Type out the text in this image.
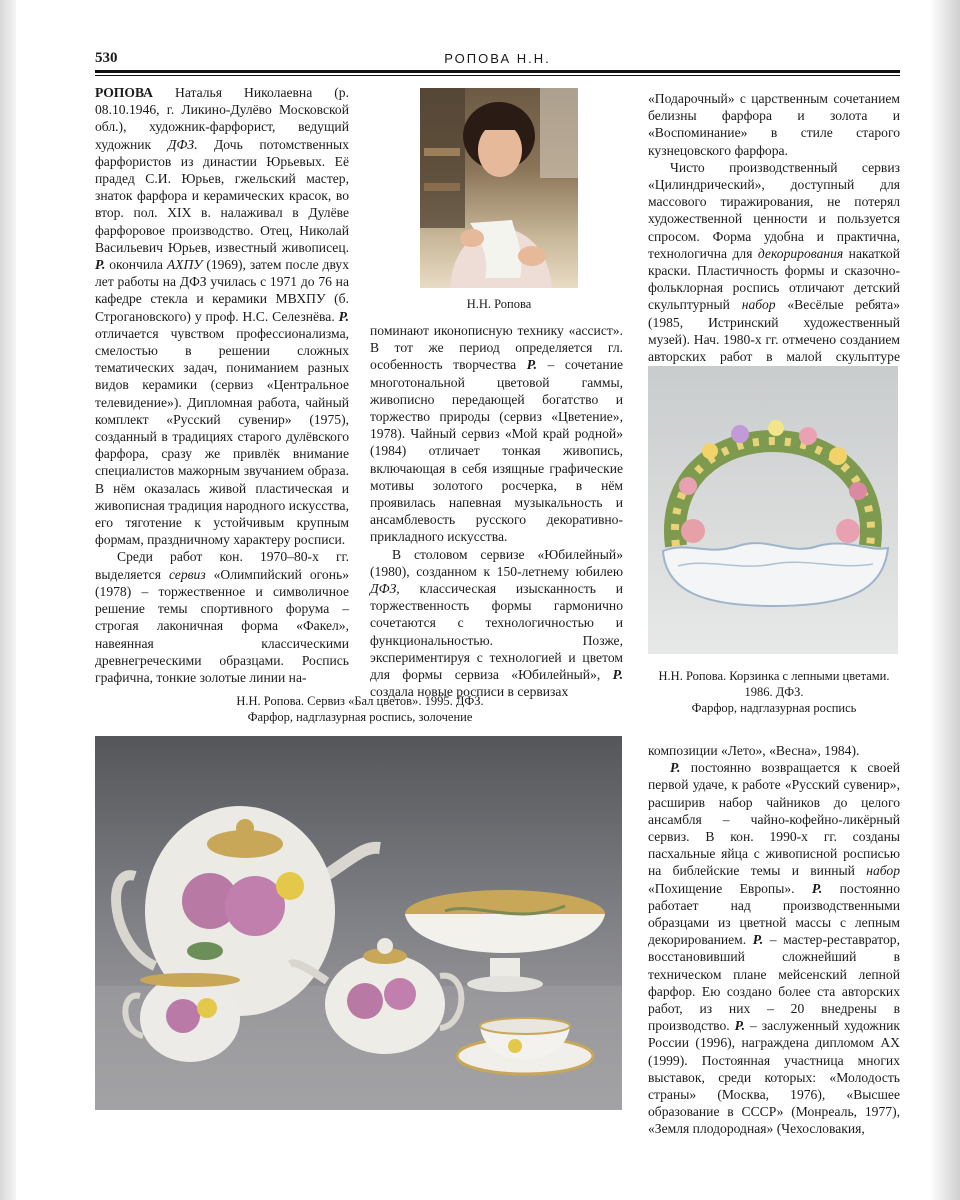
530	РОПОВА Н.Н.

РОПОВА Наталья Николаевна (р. 08.10.1946, г. Ликино-Дулёво Московской обл.), художник-фарфорист, ведущий художник ДФЗ. Дочь потомственных фарфористов из династии Юрьевых. Её прадед С.И. Юрьев, гжельский мастер, знаток фарфора и керамических красок, во втор. пол. XIX в. налаживал в Дулёве фарфоровое производство. Отец, Николай Васильевич Юрьев, известный живописец. Р. окончила АХПУ (1969), затем после двух лет работы на ДФЗ училась с 1971 до 76 на кафедре стекла и керамики МВХПУ (б. Строгановского) у проф. Н.С. Селезнёва. Р. отличается чувством профессионализма, смелостью в решении сложных тематических задач, пониманием разных видов керамики (сервиз «Центральное телевидение»). Дипломная работа, чайный комплект «Русский сувенир» (1975), созданный в традициях старого дулёвского фарфора, сразу же привлёк внимание специалистов мажорным звучанием образа. В нём оказалась живой пластическая и живописная традиция народного искусства, его тяготение к устойчивым крупным формам, праздничному характеру росписи.

Среди работ кон. 1970–80-х гг. выделяется сервиз «Олимпийский огонь» (1978) – торжественное и символичное решение темы спортивного форума – строгая лаконичная форма «Факел», навеянная классическими древнегреческими образцами. Роспись графична, тонкие золотые линии на-

Н.Н. Ропова

поминают иконописную технику «ассист». В тот же период определяется гл. особенность творчества Р. – сочетание многотональной цветовой гаммы, живописно передающей богатство и торжество природы (сервиз «Цветение», 1978). Чайный сервиз «Мой край родной» (1984) отличает тонкая живопись, включающая в себя изящные графические мотивы золотого росчерка, в нём проявилась напевная музыкальность и ансамблевость русского декоративно-прикладного искусства.

В столовом сервизе «Юбилейный» (1980), созданном к 150-летнему юбилею ДФЗ, классическая изысканность и торжественность формы гармонично сочетаются с технологичностью и функциональностью. Позже, экспериментируя с технологией и цветом для формы сервиза «Юбилейный», Р. создала новые росписи в сервизах

«Подарочный» с царственным сочетанием белизны фарфора и золота и «Воспоминание» в стиле старого кузнецовского фарфора.

Чисто производственный сервиз «Цилиндрический», доступный для массового тиражирования, не потерял художественной ценности и пользуется спросом. Форма удобна и практична, технологична для декорирования накаткой краски. Пластичность формы и сказочно-фольклорная роспись отличают детский скульптурный набор «Весёлые ребята» (1985, Истринский художественный музей). Нач. 1980-х гг. отмечено созданием авторских работ в малой скульптуре

Н.Н. Ропова. Корзинка с лепными цветами.
1986. ДФЗ.
Фарфор, надглазурная роспись
Н.Н. Ропова. Сервиз «Бал цветов». 1995. ДФЗ.
Фарфор, надглазурная роспись, золочение

композиции «Лето», «Весна», 1984).

Р. постоянно возвращается к своей первой удачe, к работе «Русский сувенир», расширив набор чайников до целого ансамбля – чайно-кофейно-ликёрный сервиз. В кон. 1990-х гг. созданы пасхальные яйца с живописной росписью на библейские темы и винный набор «Похищение Европы». Р. постоянно работает над производственными образцами из цветной массы с лепным декорированием. Р. – мастер-реставратор, восстановивший сложнейший в техническом плане мейсенский лепной фарфор. Ею создано более ста авторских работ, из них – 20 внедрены в производство. Р. – заслуженный художник России (1996), награждена дипломом АХ (1999). Постоянная участница многих выставок, среди которых: «Молодость страны» (Москва, 1976), «Высшее образование в СССР» (Монреаль, 1977), «Земля плодородная» (Чехословакия,
